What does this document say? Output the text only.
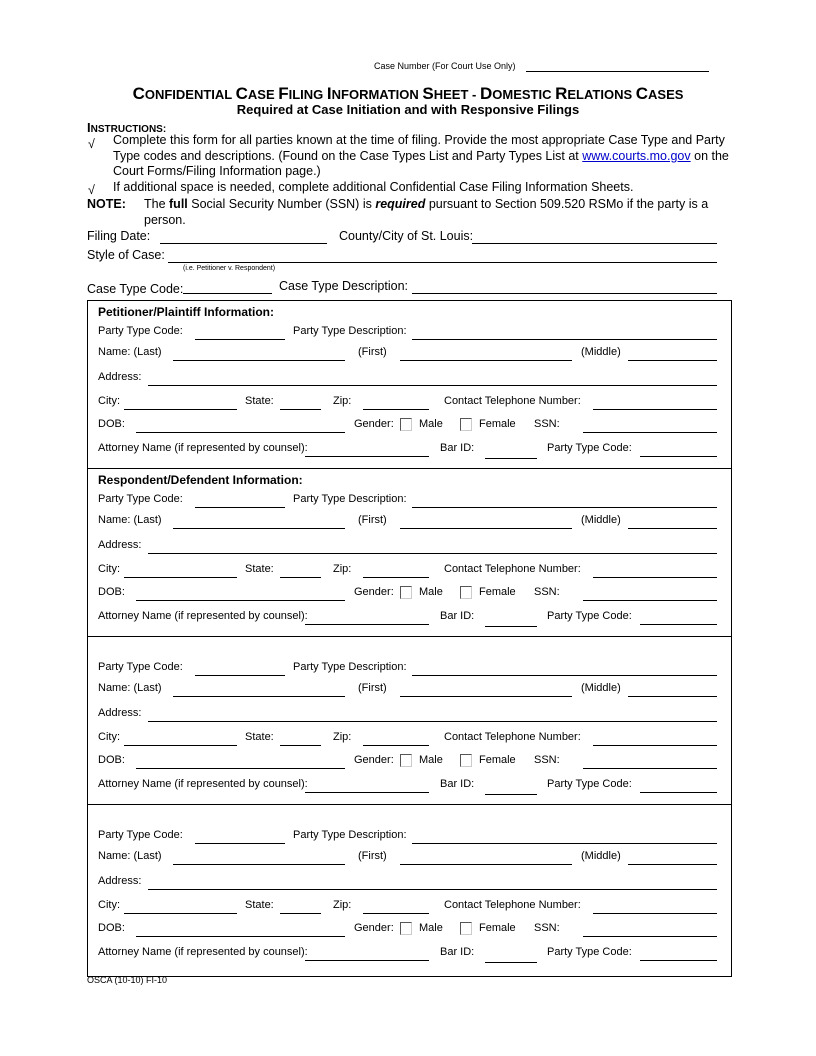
Case Number (For Court Use Only)
CONFIDENTIAL CASE FILING INFORMATION SHEET - DOMESTIC RELATIONS CASES
Required at Case Initiation and with Responsive Filings
INSTRUCTIONS:
√ Complete this form for all parties known at the time of filing. Provide the most appropriate Case Type and Party
Type codes and descriptions. (Found on the Case Types List and Party Types List at www.courts.mo.gov on the
Court Forms/Filing Information page.)
√ If additional space is needed, complete additional Confidential Case Filing Information Sheets.
NOTE: The full Social Security Number (SSN) is required pursuant to Section 509.520 RSMo if the party is a
person.
Filing Date:	County/City of St. Louis:
Style of Case:
(i.e. Petitioner v. Respondent)
Case Type Code:	Case Type Description:
Petitioner/Plaintiff Information:
Party Type Code:	Party Type Description:
Name: (Last)	(First)	(Middle)
Address:
City:	State:	Zip:	Contact Telephone Number:
DOB:	Gender: Male	Female SSN:
Attorney Name (if represented by counsel):	Bar ID:	Party Type Code:
Respondent/Defendent Information:
Party Type Code:	Party Type Description:
Name: (Last)	(First)	(Middle)
Address:
City:	State:	Zip:	Contact Telephone Number:
DOB:	Gender: Male	Female SSN:
Attorney Name (if represented by counsel):	Bar ID:	Party Type Code:
Party Type Code:	Party Type Description:
Name: (Last)	(First)	(Middle)
Address:
City:	State:	Zip:	Contact Telephone Number:
DOB:	Gender: Male	Female SSN:
Attorney Name (if represented by counsel):	Bar ID:	Party Type Code:
Party Type Code:	Party Type Description:
Name: (Last)	(First)	(Middle)
Address:
City:	State:	Zip:	Contact Telephone Number:
DOB:	Gender: Male	Female SSN:
Attorney Name (if represented by counsel):	Bar ID:	Party Type Code:
OSCA (10-10) FI-10
